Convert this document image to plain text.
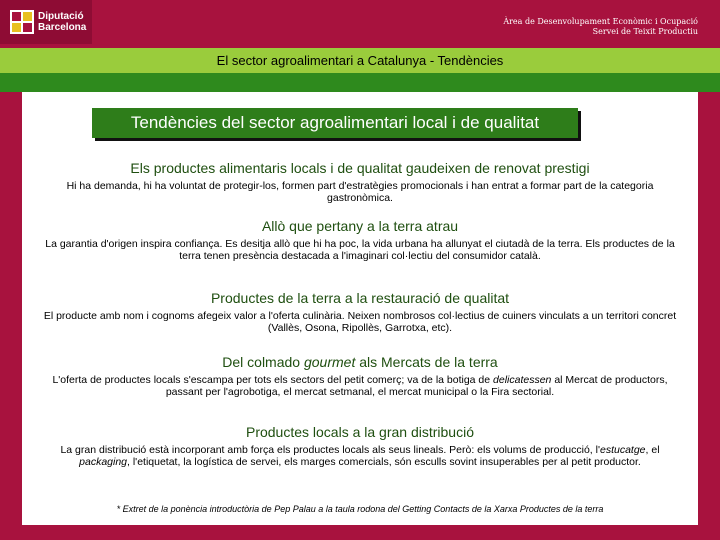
Diputació
Barcelona
Àrea de Desenvolupament Econòmic i Ocupació
Servei de Teixit Productiu
El sector agroalimentari a Catalunya - Tendències
Tendències del sector agroalimentari local i de qualitat
Els productes alimentaris locals i de qualitat gaudeixen de renovat prestigi
Hi ha demanda, hi ha voluntat de protegir-los, formen part d'estratègies promocionals i han entrat a formar part de la categoria gastronòmica.
Allò que pertany a la terra atrau
La garantia d'origen inspira confiança. Es desitja allò que hi ha poc, la vida urbana ha allunyat el ciutadà de la terra. Els productes de la terra tenen presència destacada a l'imaginari col·lectiu del consumidor català.
Productes de la terra a la restauració de qualitat
El producte amb nom i cognoms afegeix valor a l'oferta culinària. Neixen nombrosos col·lectius de cuiners vinculats a un territori concret (Vallès, Osona, Ripollès, Garrotxa, etc).
Del colmado gourmet als Mercats de la terra
L'oferta de productes locals s'escampa per tots els sectors del petit comerç; va de la botiga de delicatessen al Mercat de productors, passant per l'agrobotiga, el mercat setmanal, el mercat municipal o la Fira sectorial.
Productes locals a la gran distribució
La gran distribució està incorporant amb força els productes locals als seus lineals. Però: els volums de producció, l'estucatge, el packaging, l'etiquetat, la logística de servei, els marges comercials, són esculls sovint insuperables per al petit productor.
* Extret de la ponència introductòria de Pep Palau a la taula rodona del Getting Contacts de la Xarxa Productes de la terra
